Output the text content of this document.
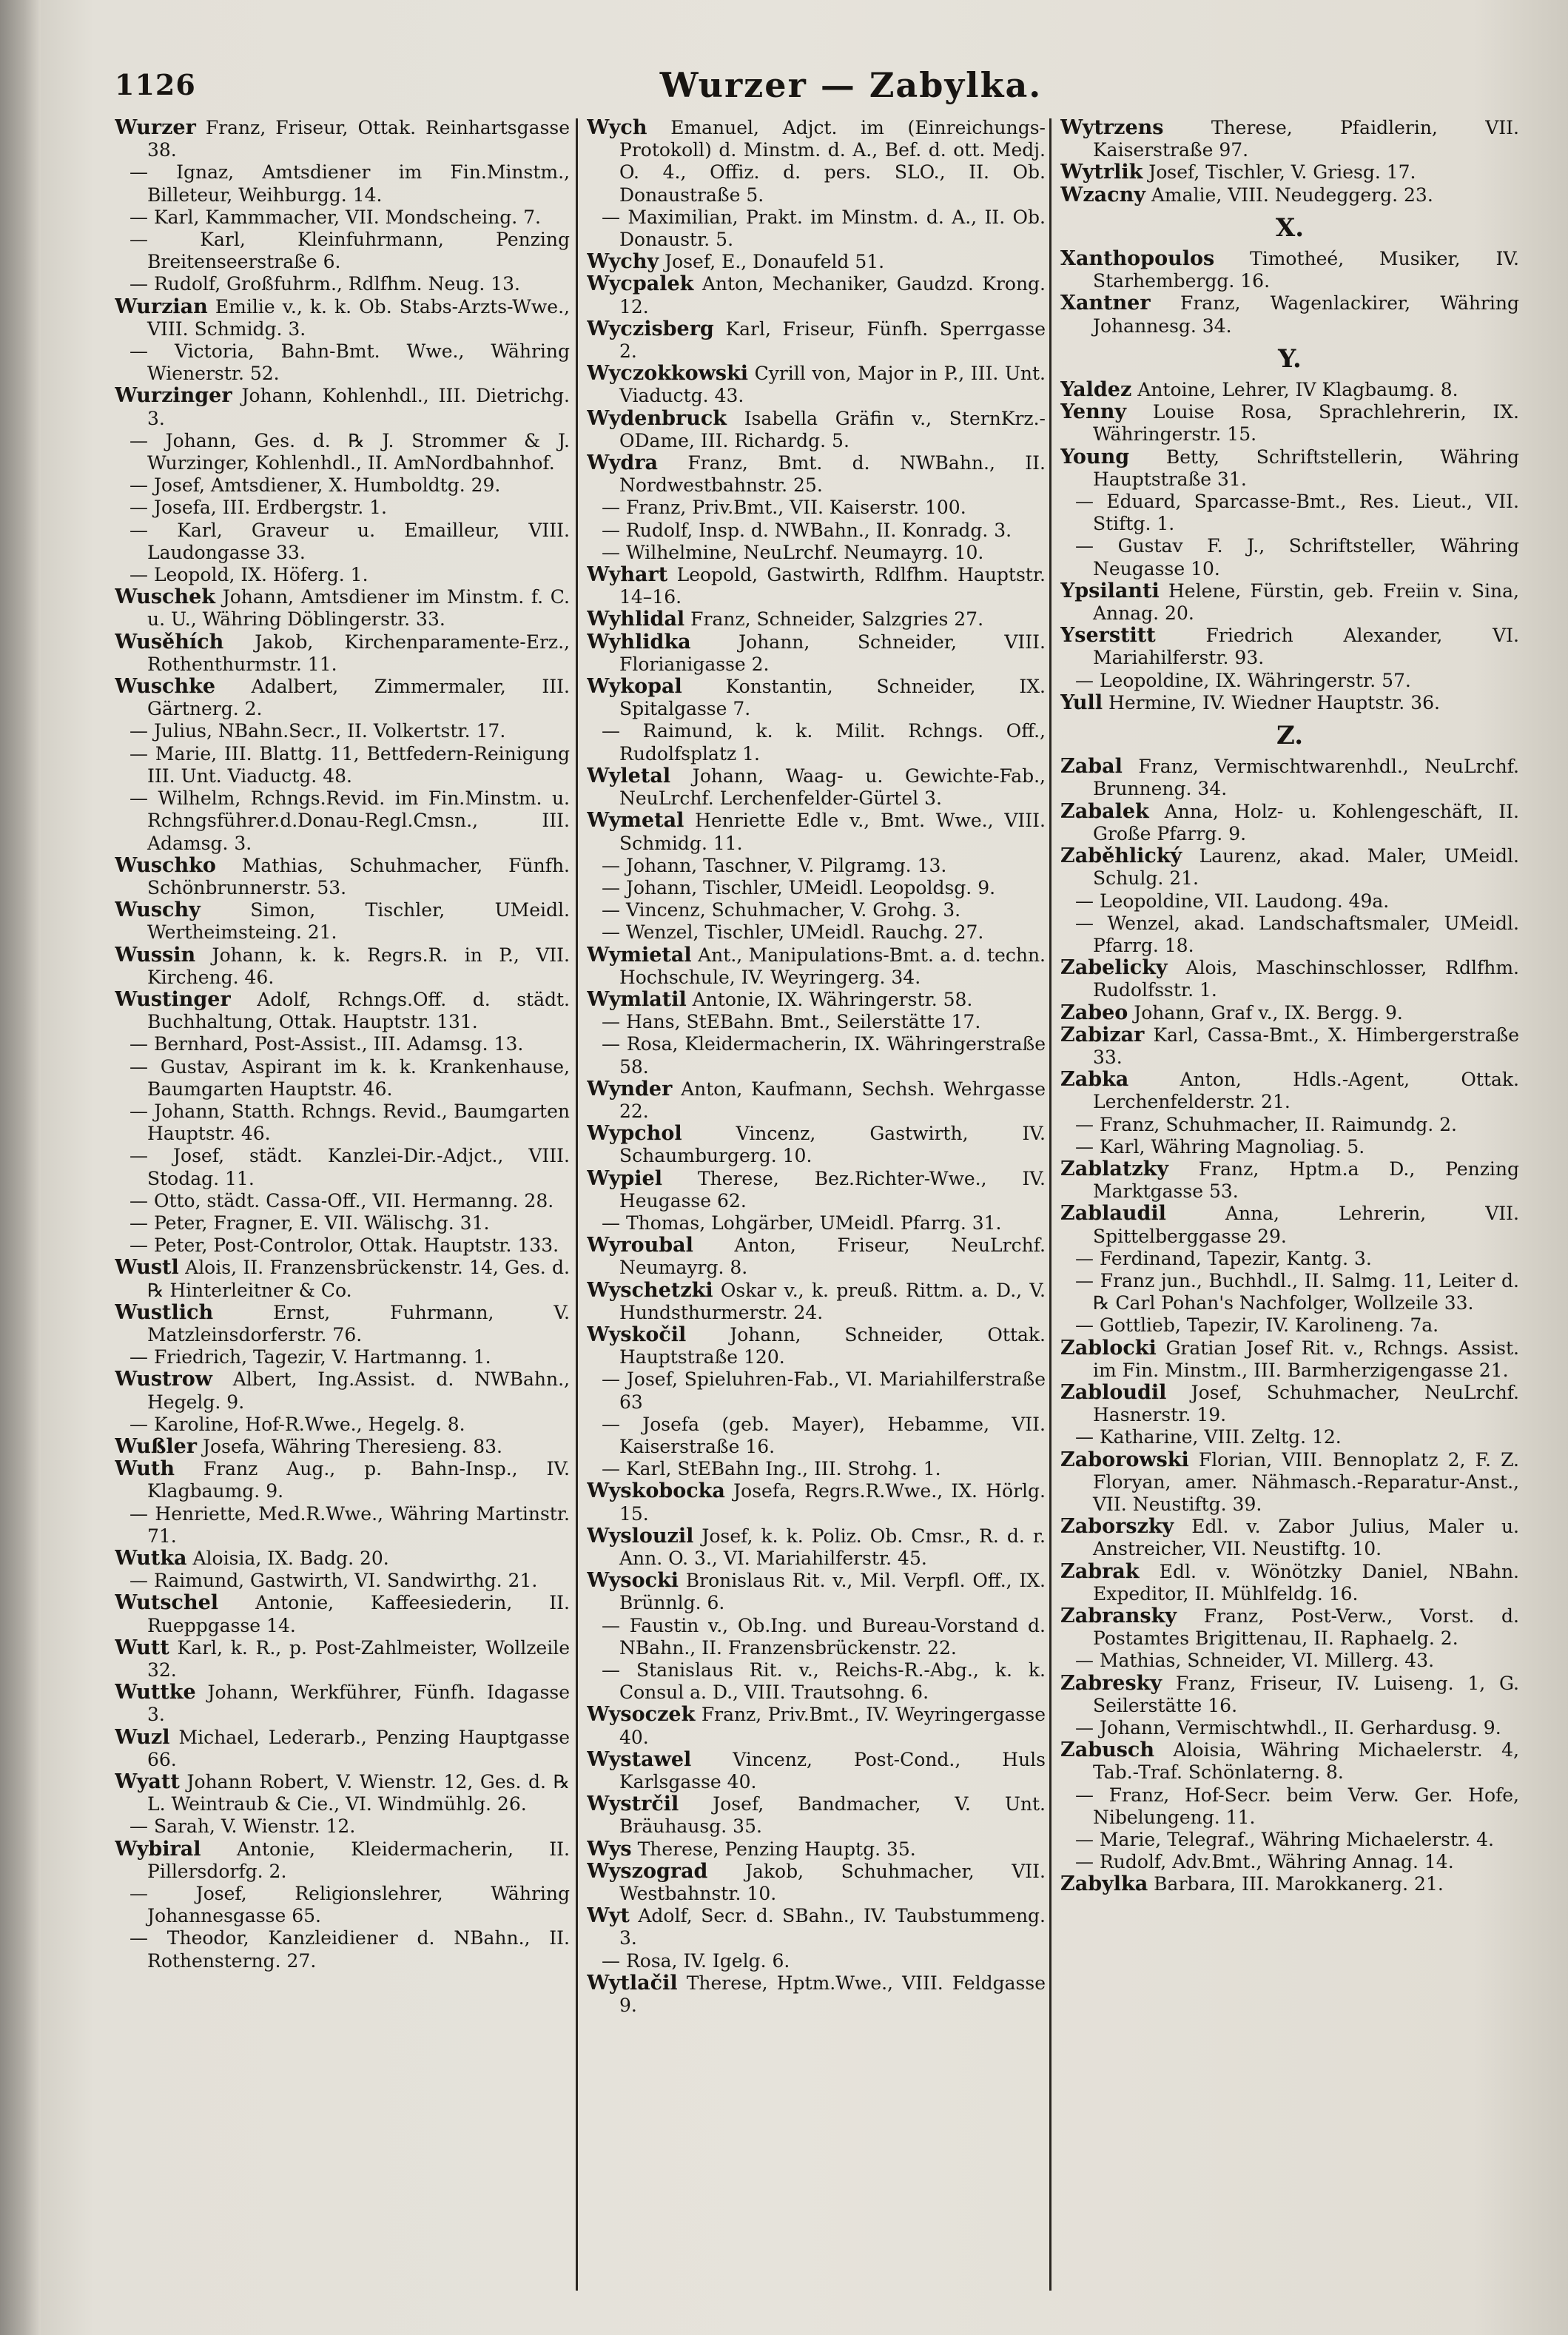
1126	Wurzer — Zabylka.

Wurzer Franz, Friseur, Ottak. Reinhartsgasse 38.

— Ignaz, Amtsdiener im Fin.Minstm., Billeteur, Weihburgg. 14.

— Karl, Kammmacher, VII. Mondscheing. 7.

— Karl, Kleinfuhrmann, Penzing Breitenseerstraße 6.

— Rudolf, Großfuhrm., Rdlfhm. Neug. 13.

Wurzian Emilie v., k. k. Ob. Stabs-Arzts-Wwe., VIII. Schmidg. 3.

— Victoria, Bahn-Bmt. Wwe., Währing Wienerstr. 52.

Wurzinger Johann, Kohlenhdl., III. Dietrichg. 3.

— Johann, Ges. d. ℞ J. Strommer & J. Wurzinger, Kohlenhdl., II. AmNordbahnhof.

— Josef, Amtsdiener, X. Humboldtg. 29.

— Josefa, III. Erdbergstr. 1.

— Karl, Graveur u. Emailleur, VIII. Laudongasse 33.

— Leopold, IX. Höferg. 1.

Wuschek Johann, Amtsdiener im Minstm. f. C. u. U., Währing Döblingerstr. 33.

Wusěhích Jakob, Kirchenparamente-Erz., Rothenthurmstr. 11.

Wuschke Adalbert, Zimmermaler, III. Gärtnerg. 2.

— Julius, NBahn.Secr., II. Volkertstr. 17.

— Marie, III. Blattg. 11, Bettfedern-Reinigung III. Unt. Viaductg. 48.

— Wilhelm, Rchngs.Revid. im Fin.Minstm. u. Rchngsführer.d.Donau-Regl.Cmsn., III. Adamsg. 3.

Wuschko Mathias, Schuhmacher, Fünfh. Schönbrunnerstr. 53.

Wuschy Simon, Tischler, UMeidl. Wertheimsteing. 21.

Wussin Johann, k. k. Regrs.R. in P., VII. Kircheng. 46.

Wustinger Adolf, Rchngs.Off. d. städt. Buchhaltung, Ottak. Hauptstr. 131.

— Bernhard, Post-Assist., III. Adamsg. 13.

— Gustav, Aspirant im k. k. Krankenhause, Baumgarten Hauptstr. 46.

— Johann, Statth. Rchngs. Revid., Baumgarten Hauptstr. 46.

— Josef, städt. Kanzlei-Dir.-Adjct., VIII. Stodag. 11.

— Otto, städt. Cassa-Off., VII. Hermanng. 28.

— Peter, Fragner, E. VII. Wälischg. 31.

— Peter, Post-Controlor, Ottak. Hauptstr. 133.

Wustl Alois, II. Franzensbrückenstr. 14, Ges. d. ℞ Hinterleitner & Co.

Wustlich Ernst, Fuhrmann, V. Matzleinsdorferstr. 76.

— Friedrich, Tagezir, V. Hartmanng. 1.

Wustrow Albert, Ing.Assist. d. NWBahn., Hegelg. 9.

— Karoline, Hof-R.Wwe., Hegelg. 8.

Wußler Josefa, Währing Theresieng. 83.

Wuth Franz Aug., p. Bahn-Insp., IV. Klagbaumg. 9.

— Henriette, Med.R.Wwe., Währing Martinstr. 71.

Wutka Aloisia, IX. Badg. 20.

— Raimund, Gastwirth, VI. Sandwirthg. 21.

Wutschel Antonie, Kaffeesiederin, II. Rueppgasse 14.

Wutt Karl, k. R., p. Post-Zahlmeister, Wollzeile 32.

Wuttke Johann, Werkführer, Fünfh. Idagasse 3.

Wuzl Michael, Lederarb., Penzing Hauptgasse 66.

Wyatt Johann Robert, V. Wienstr. 12, Ges. d. ℞ L. Weintraub & Cie., VI. Windmühlg. 26.

— Sarah, V. Wienstr. 12.

Wybiral Antonie, Kleidermacherin, II. Pillersdorfg. 2.

— Josef, Religionslehrer, Währing Johannesgasse 65.

— Theodor, Kanzleidiener d. NBahn., II. Rothensterng. 27.

Wych Emanuel, Adjct. im (Einreichungs-Protokoll) d. Minstm. d. A., Bef. d. ott. Medj. O. 4., Offiz. d. pers. SLO., II. Ob. Donaustraße 5.

— Maximilian, Prakt. im Minstm. d. A., II. Ob. Donaustr. 5.

Wychy Josef, E., Donaufeld 51.

Wycpalek Anton, Mechaniker, Gaudzd. Krong. 12.

Wyczisberg Karl, Friseur, Fünfh. Sperrgasse 2.

Wyczokkowski Cyrill von, Major in P., III. Unt. Viaductg. 43.

Wydenbruck Isabella Gräfin v., SternKrz.-ODame, III. Richardg. 5.

Wydra Franz, Bmt. d. NWBahn., II. Nordwestbahnstr. 25.

— Franz, Priv.Bmt., VII. Kaiserstr. 100.

— Rudolf, Insp. d. NWBahn., II. Konradg. 3.

— Wilhelmine, NeuLrchf. Neumayrg. 10.

Wyhart Leopold, Gastwirth, Rdlfhm. Hauptstr. 14–16.

Wyhlidal Franz, Schneider, Salzgries 27.

Wyhlidka Johann, Schneider, VIII. Florianigasse 2.

Wykopal Konstantin, Schneider, IX. Spitalgasse 7.

— Raimund, k. k. Milit. Rchngs. Off., Rudolfsplatz 1.

Wyletal Johann, Waag- u. Gewichte-Fab., NeuLrchf. Lerchenfelder-Gürtel 3.

Wymetal Henriette Edle v., Bmt. Wwe., VIII. Schmidg. 11.

— Johann, Taschner, V. Pilgramg. 13.

— Johann, Tischler, UMeidl. Leopoldsg. 9.

— Vincenz, Schuhmacher, V. Grohg. 3.

— Wenzel, Tischler, UMeidl. Rauchg. 27.

Wymietal Ant., Manipulations-Bmt. a. d. techn. Hochschule, IV. Weyringerg. 34.

Wymlatil Antonie, IX. Währingerstr. 58.

— Hans, StEBahn. Bmt., Seilerstätte 17.

— Rosa, Kleidermacherin, IX. Währingerstraße 58.

Wynder Anton, Kaufmann, Sechsh. Wehrgasse 22.

Wypchol Vincenz, Gastwirth, IV. Schaumburgerg. 10.

Wypiel Therese, Bez.Richter-Wwe., IV. Heugasse 62.

— Thomas, Lohgärber, UMeidl. Pfarrg. 31.

Wyroubal Anton, Friseur, NeuLrchf. Neumayrg. 8.

Wyschetzki Oskar v., k. preuß. Rittm. a. D., V. Hundsthurmerstr. 24.

Wyskočil Johann, Schneider, Ottak. Hauptstraße 120.

— Josef, Spieluhren-Fab., VI. Mariahilferstraße 63

— Josefa (geb. Mayer), Hebamme, VII. Kaiserstraße 16.

— Karl, StEBahn Ing., III. Strohg. 1.

Wyskobocka Josefa, Regrs.R.Wwe., IX. Hörlg. 15.

Wyslouzil Josef, k. k. Poliz. Ob. Cmsr., R. d. r. Ann. O. 3., VI. Mariahilferstr. 45.

Wysocki Bronislaus Rit. v., Mil. Verpfl. Off., IX. Brünnlg. 6.

— Faustin v., Ob.Ing. und Bureau-Vorstand d. NBahn., II. Franzensbrückenstr. 22.

— Stanislaus Rit. v., Reichs-R.-Abg., k. k. Consul a. D., VIII. Trautsohng. 6.

Wysoczek Franz, Priv.Bmt., IV. Weyringergasse 40.

Wystawel Vincenz, Post-Cond., Huls Karlsgasse 40.

Wystrčil Josef, Bandmacher, V. Unt. Bräuhausg. 35.

Wys Therese, Penzing Hauptg. 35.

Wyszograd Jakob, Schuhmacher, VII. Westbahnstr. 10.

Wyt Adolf, Secr. d. SBahn., IV. Taubstummeng. 3.

— Rosa, IV. Igelg. 6.

Wytlačil Therese, Hptm.Wwe., VIII. Feldgasse 9.

Wytrzens Therese, Pfaidlerin, VII. Kaiserstraße 97.

Wytrlik Josef, Tischler, V. Griesg. 17.

Wzacny Amalie, VIII. Neudeggerg. 23.

X.

Xanthopoulos Timotheé, Musiker, IV. Starhembergg. 16.

Xantner Franz, Wagenlackirer, Währing Johannesg. 34.

Y.

Yaldez Antoine, Lehrer, IV Klagbaumg. 8.

Yenny Louise Rosa, Sprachlehrerin, IX. Währingerstr. 15.

Young Betty, Schriftstellerin, Währing Hauptstraße 31.

— Eduard, Sparcasse-Bmt., Res. Lieut., VII. Stiftg. 1.

— Gustav F. J., Schriftsteller, Währing Neugasse 10.

Ypsilanti Helene, Fürstin, geb. Freiin v. Sina, Annag. 20.

Yserstitt Friedrich Alexander, VI. Mariahilferstr. 93.

— Leopoldine, IX. Währingerstr. 57.

Yull Hermine, IV. Wiedner Hauptstr. 36.

Z.

Zabal Franz, Vermischtwarenhdl., NeuLrchf. Brunneng. 34.

Zabalek Anna, Holz- u. Kohlengeschäft, II. Große Pfarrg. 9.

Zaběhlický Laurenz, akad. Maler, UMeidl. Schulg. 21.

— Leopoldine, VII. Laudong. 49a.

— Wenzel, akad. Landschaftsmaler, UMeidl. Pfarrg. 18.

Zabelicky Alois, Maschinschlosser, Rdlfhm. Rudolfsstr. 1.

Zabeo Johann, Graf v., IX. Bergg. 9.

Zabizar Karl, Cassa-Bmt., X. Himbergerstraße 33.

Zabka Anton, Hdls.-Agent, Ottak. Lerchenfelderstr. 21.

— Franz, Schuhmacher, II. Raimundg. 2.

— Karl, Währing Magnoliag. 5.

Zablatzky Franz, Hptm.a D., Penzing Marktgasse 53.

Zablaudil Anna, Lehrerin, VII. Spittelberggasse 29.

— Ferdinand, Tapezir, Kantg. 3.

— Franz jun., Buchhdl., II. Salmg. 11, Leiter d. ℞ Carl Pohan's Nachfolger, Wollzeile 33.

— Gottlieb, Tapezir, IV. Karolineng. 7a.

Zablocki Gratian Josef Rit. v., Rchngs. Assist. im Fin. Minstm., III. Barmherzigengasse 21.

Zabloudil Josef, Schuhmacher, NeuLrchf. Hasnerstr. 19.

— Katharine, VIII. Zeltg. 12.

Zaborowski Florian, VIII. Bennoplatz 2, F. Z. Floryan, amer. Nähmasch.-Reparatur-Anst., VII. Neustiftg. 39.

Zaborszky Edl. v. Zabor Julius, Maler u. Anstreicher, VII. Neustiftg. 10.

Zabrak Edl. v. Wönötzky Daniel, NBahn. Expeditor, II. Mühlfeldg. 16.

Zabransky Franz, Post-Verw., Vorst. d. Postamtes Brigittenau, II. Raphaelg. 2.

— Mathias, Schneider, VI. Millerg. 43.

Zabresky Franz, Friseur, IV. Luiseng. 1, G. Seilerstätte 16.

— Johann, Vermischtwhdl., II. Gerhardusg. 9.

Zabusch Aloisia, Währing Michaelerstr. 4, Tab.-Traf. Schönlaterng. 8.

— Franz, Hof-Secr. beim Verw. Ger. Hofe, Nibelungeng. 11.

— Marie, Telegraf., Währing Michaelerstr. 4.

— Rudolf, Adv.Bmt., Währing Annag. 14.

Zabylka Barbara, III. Marokkanerg. 21.
